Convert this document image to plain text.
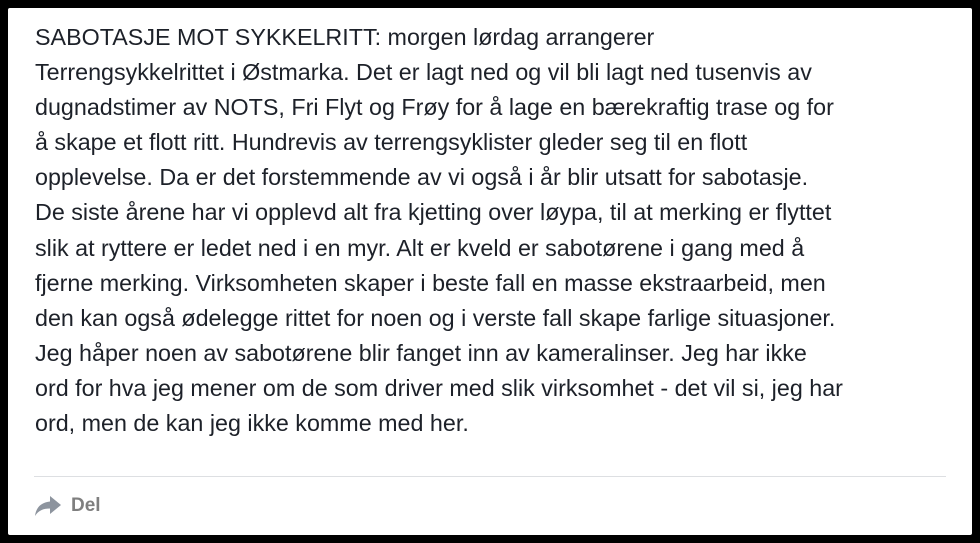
SABOTASJE MOT SYKKELRITT: morgen lørdag arrangerer
Terrengsykkelrittet i Østmarka. Det er lagt ned og vil bli lagt ned tusenvis av
dugnadstimer av NOTS, Fri Flyt og Frøy for å lage en bærekraftig trase og for
å skape et flott ritt. Hundrevis av terrengsyklister gleder seg til en flott
opplevelse. Da er det forstemmende av vi også i år blir utsatt for sabotasje.
De siste årene har vi opplevd alt fra kjetting over løypa, til at merking er flyttet
slik at ryttere er ledet ned i en myr. Alt er kveld er sabotørene i gang med å
fjerne merking. Virksomheten skaper i beste fall en masse ekstraarbeid, men
den kan også ødelegge rittet for noen og i verste fall skape farlige situasjoner.
Jeg håper noen av sabotørene blir fanget inn av kameralinser. Jeg har ikke
ord for hva jeg mener om de som driver med slik virksomhet - det vil si, jeg har
ord, men de kan jeg ikke komme med her.

Del
